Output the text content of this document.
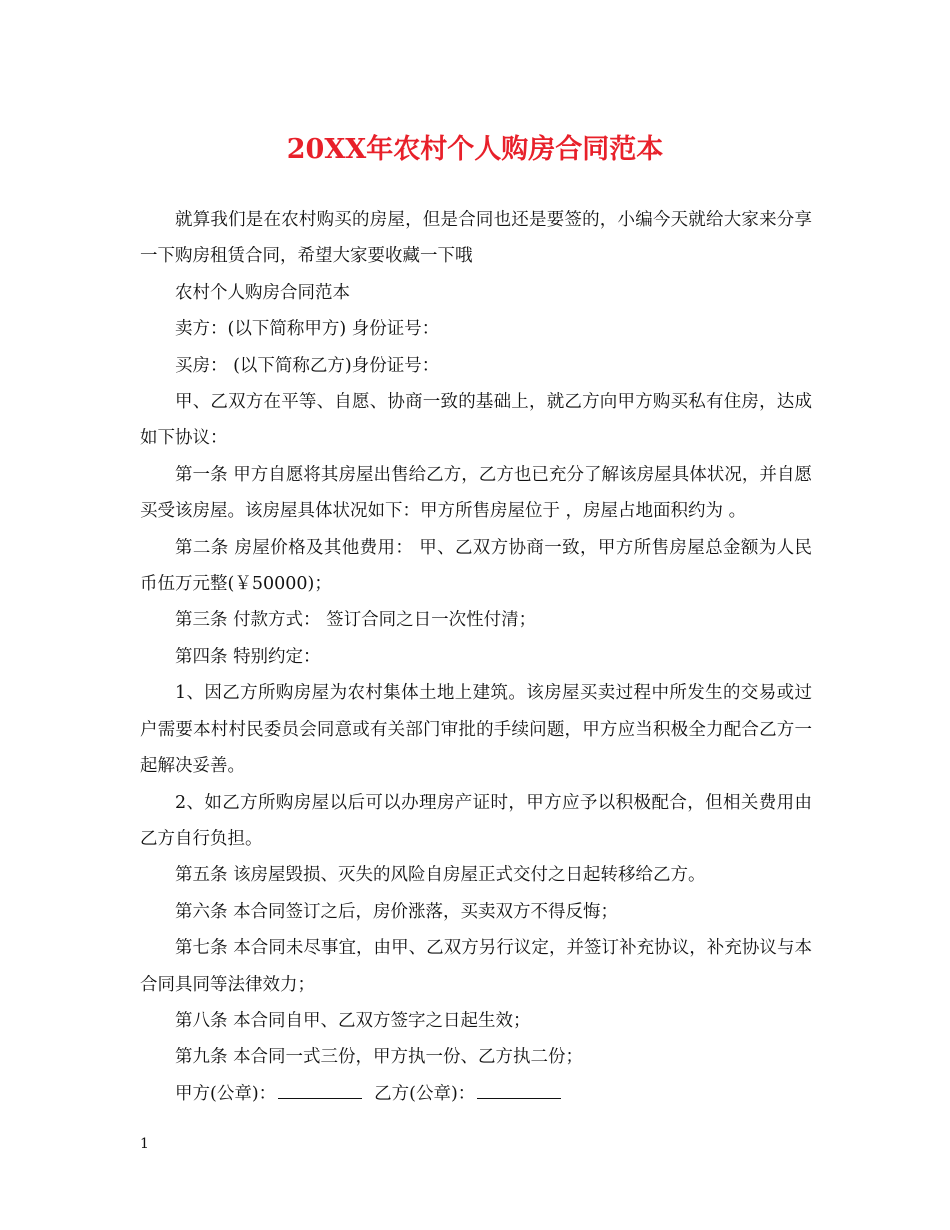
20XX年农村个人购房合同范本

就算我们是在农村购买的房屋，但是合同也还是要签的，小编今天就给大家来分享一下购房租赁合同，希望大家要收藏一下哦

农村个人购房合同范本

卖方：(以下简称甲方) 身份证号：

买房： (以下简称乙方)身份证号：

甲、乙双方在平等、自愿、协商一致的基础上，就乙方向甲方购买私有住房，达成如下协议：

第一条 甲方自愿将其房屋出售给乙方，乙方也已充分了解该房屋具体状况，并自愿买受该房屋。该房屋具体状况如下：甲方所售房屋位于 ，房屋占地面积约为 。

第二条 房屋价格及其他费用： 甲、乙双方协商一致，甲方所售房屋总金额为人民币伍万元整(￥50000)；

第三条 付款方式： 签订合同之日一次性付清；

第四条 特别约定：

1、因乙方所购房屋为农村集体土地上建筑。该房屋买卖过程中所发生的交易或过户需要本村村民委员会同意或有关部门审批的手续问题，甲方应当积极全力配合乙方一起解决妥善。

2、如乙方所购房屋以后可以办理房产证时，甲方应予以积极配合，但相关费用由乙方自行负担。

第五条 该房屋毁损、灭失的风险自房屋正式交付之日起转移给乙方。

第六条 本合同签订之后，房价涨落，买卖双方不得反悔；

第七条 本合同未尽事宜，由甲、乙双方另行议定，并签订补充协议，补充协议与本合同具同等法律效力；

第八条 本合同自甲、乙双方签字之日起生效；

第九条 本合同一式三份，甲方执一份、乙方执二份；

甲方(公章)：	乙方(公章)：

1
